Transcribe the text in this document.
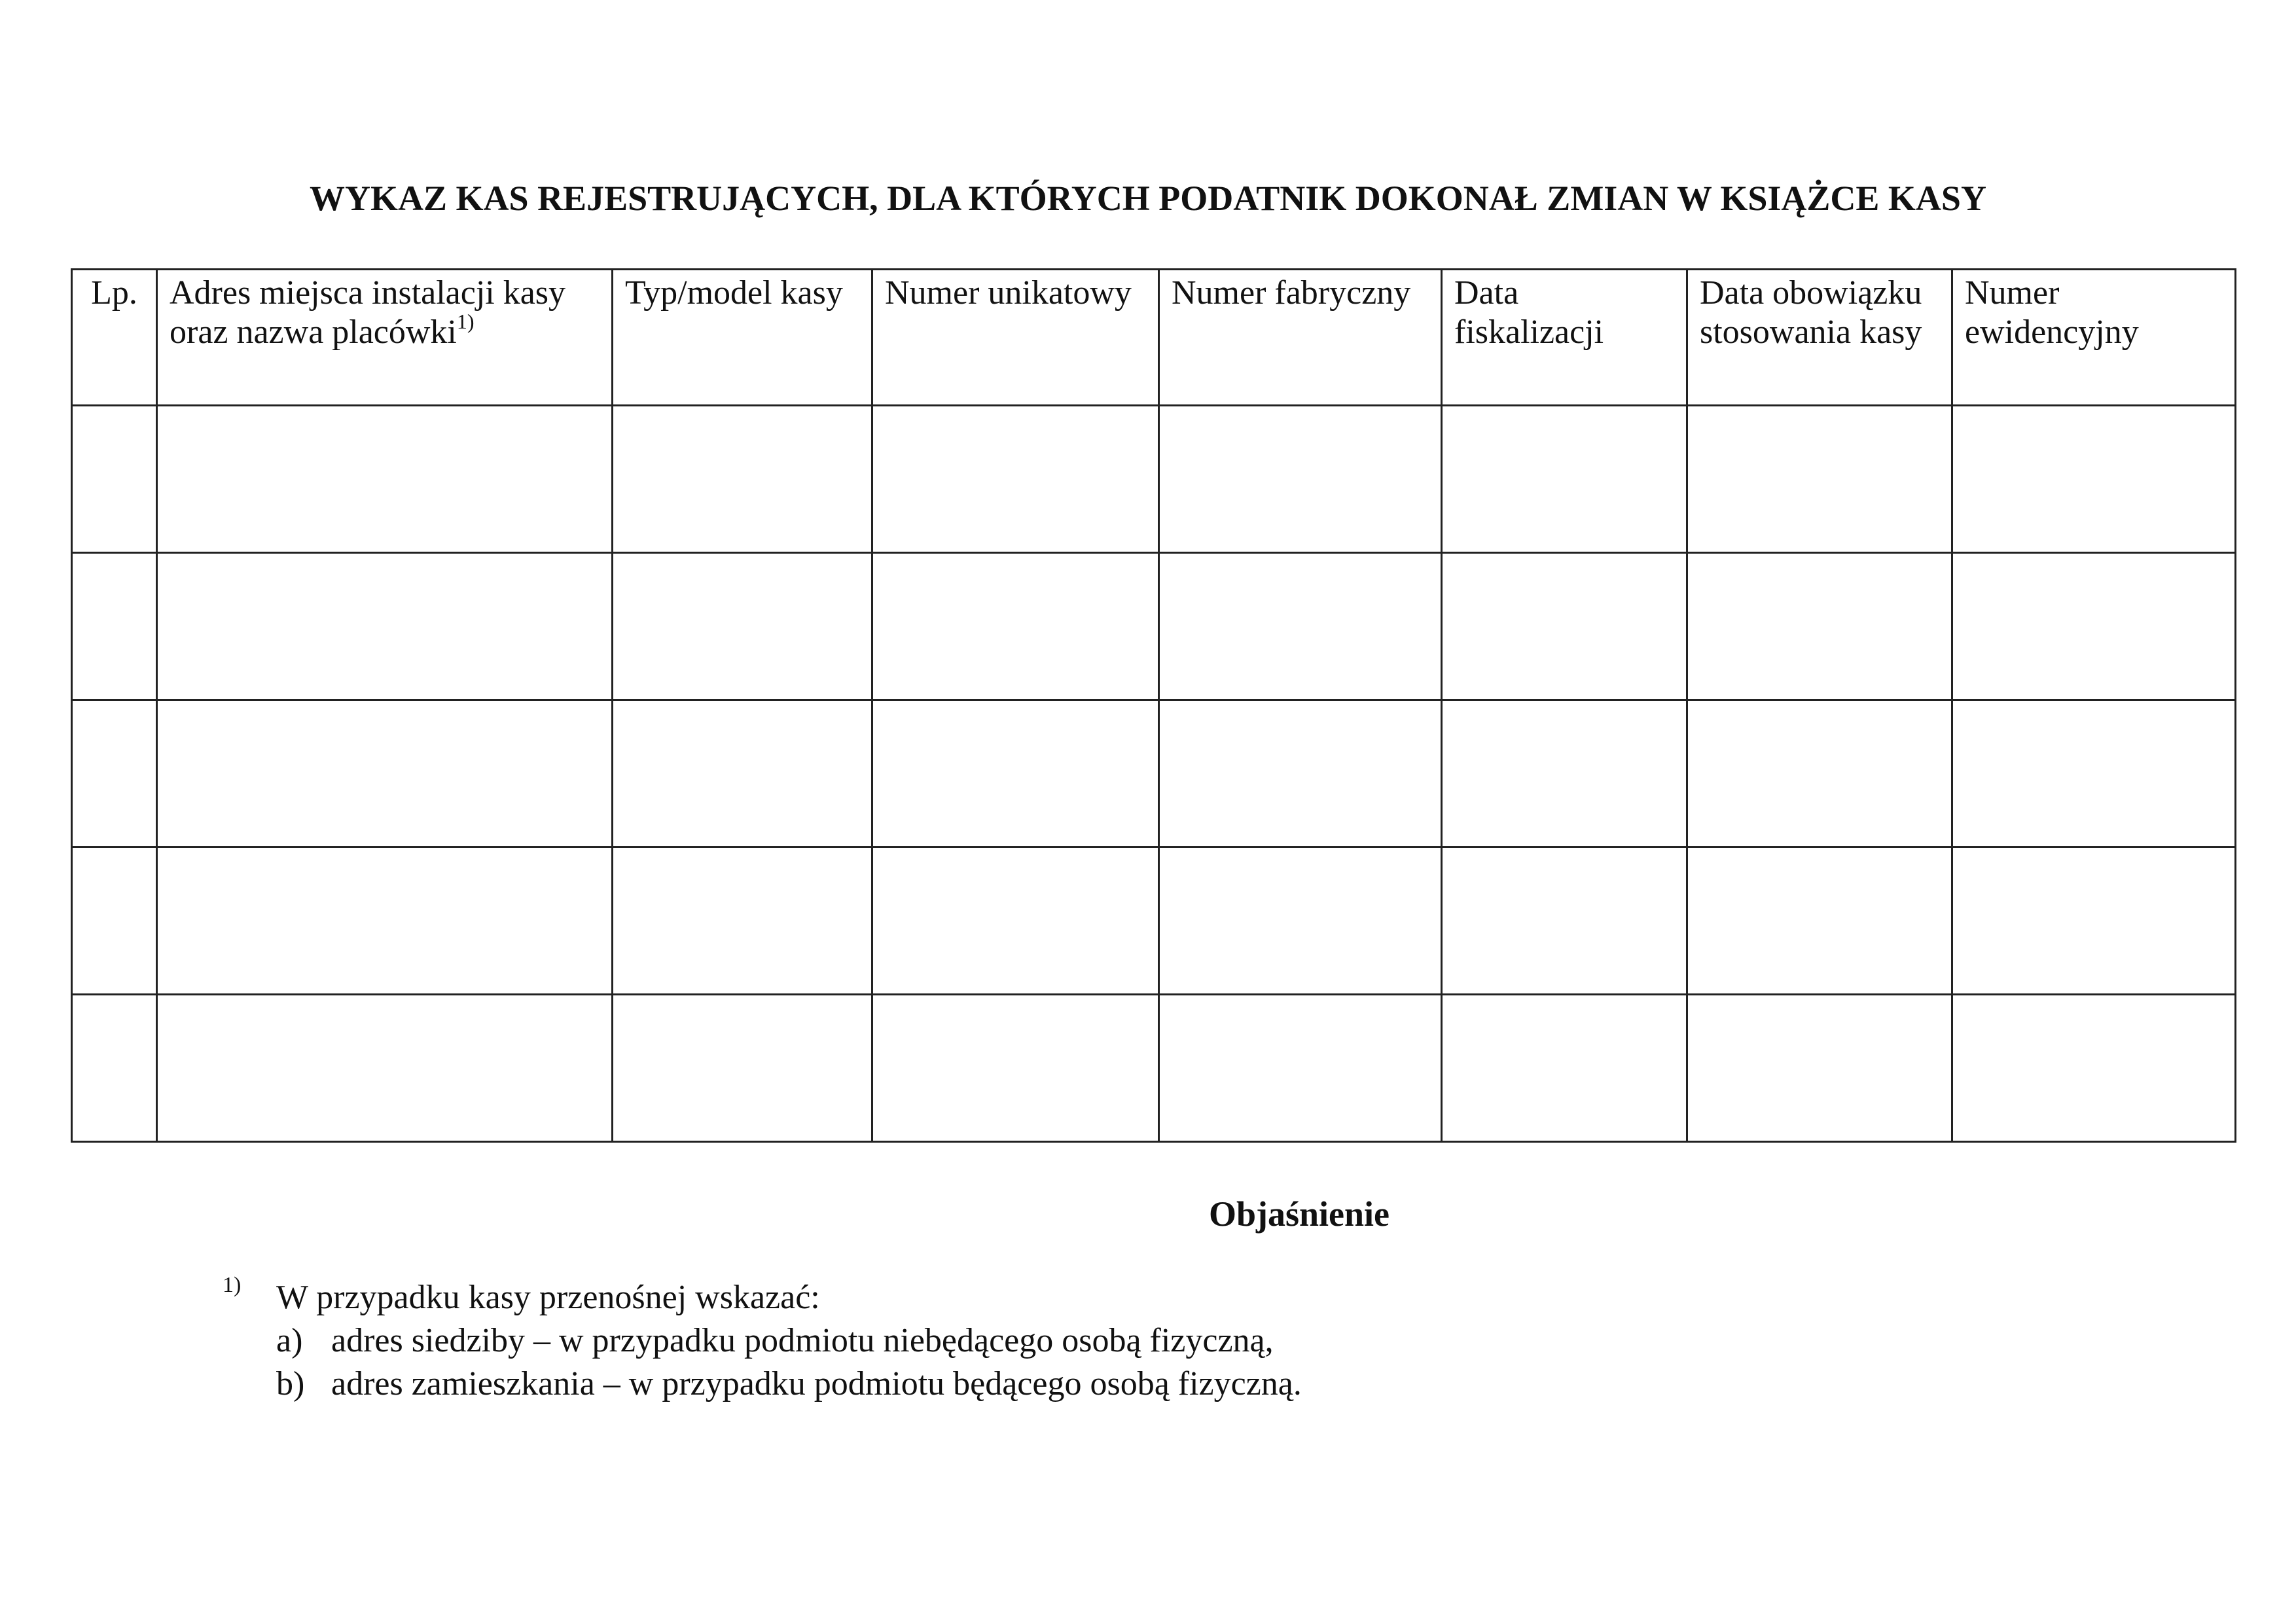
WYKAZ KAS REJESTRUJĄCYCH, DLA KTÓRYCH PODATNIK DOKONAŁ ZMIAN W KSIĄŻCE KASY
Lp.	Adres miejsca instalacji kasy oraz nazwa placówki$^{1)}$	Typ/model kasy	Numer unikatowy	Numer fabryczny	Data fiskalizacji	Data obowiązku stosowania kasy	Numer ewidencyjny

Objaśnienie
1) W przypadku kasy przenośnej wskazać:
a) adres siedziby – w przypadku podmiotu niebędącego osobą fizyczną,
b) adres zamieszkania – w przypadku podmiotu będącego osobą fizyczną.
